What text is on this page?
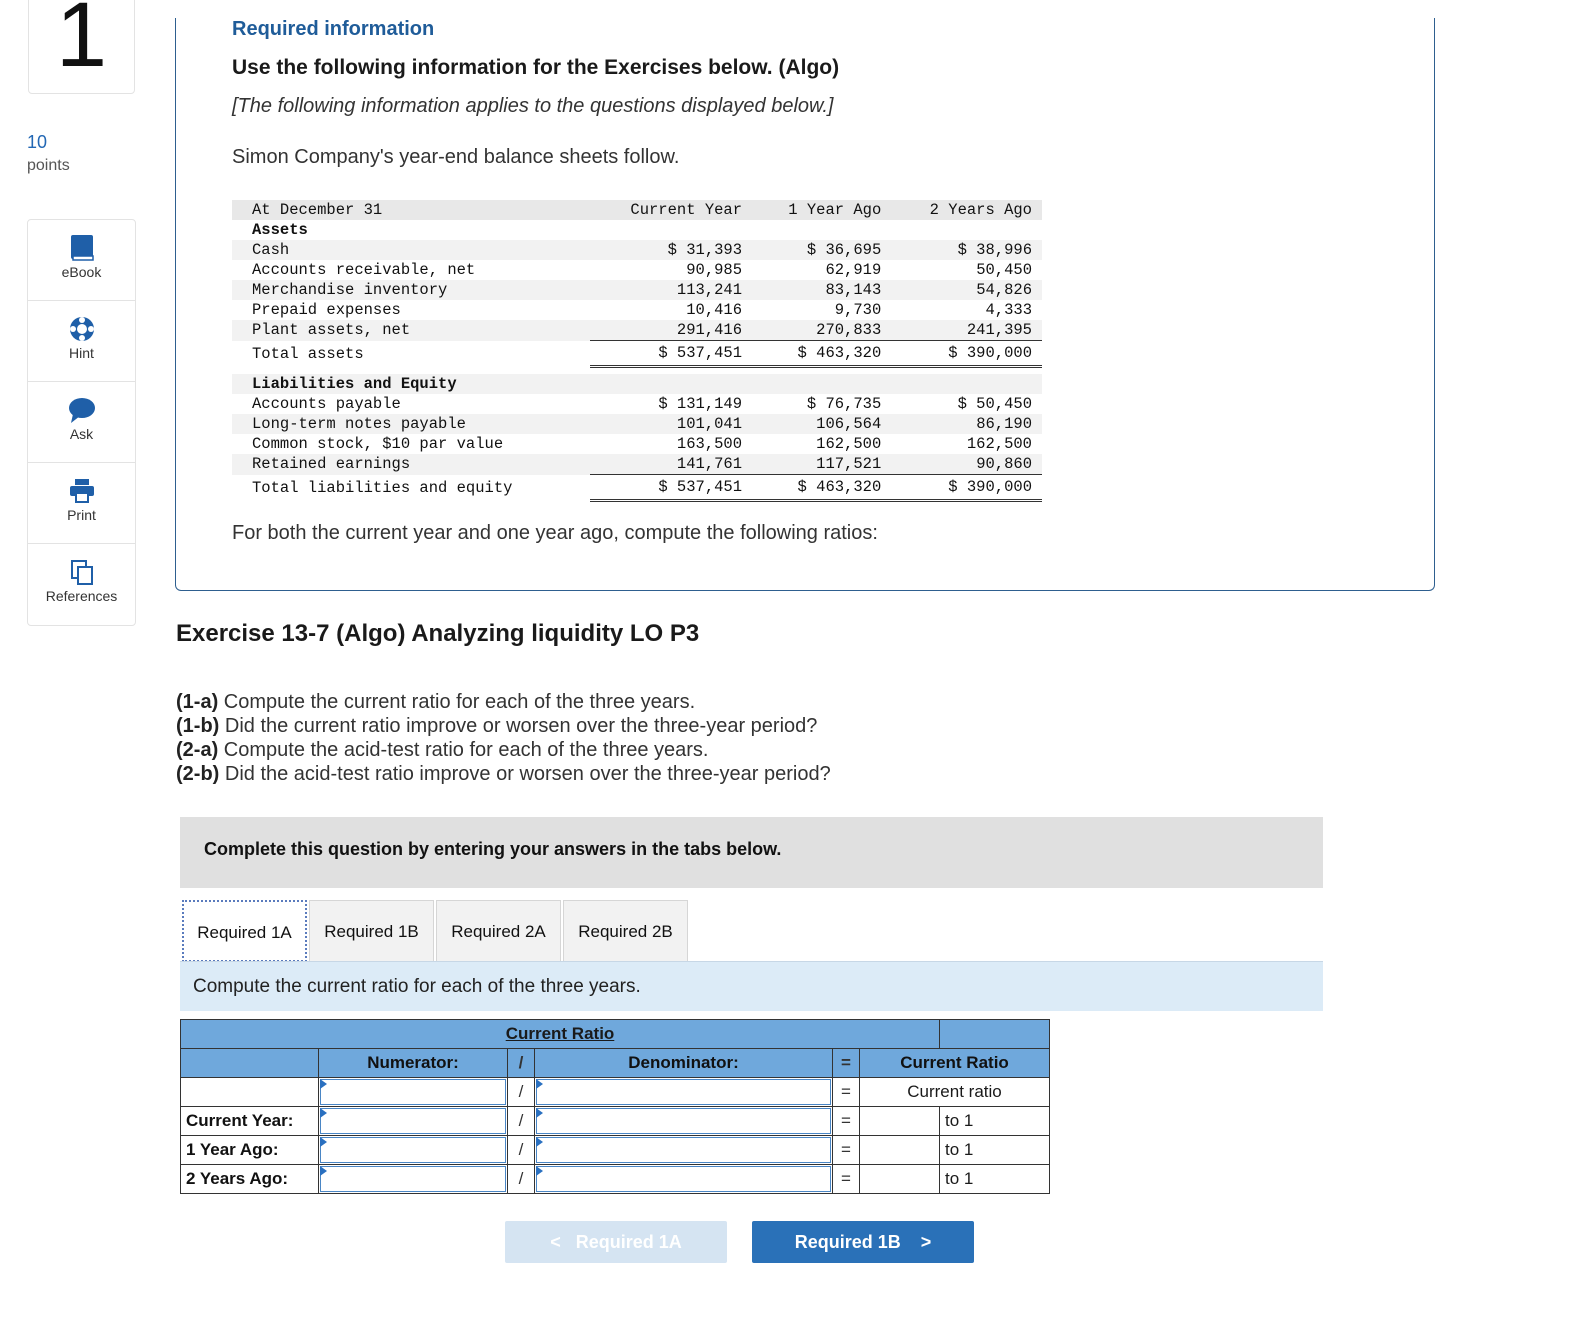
1
10
points
eBook
Hint
Ask
Print
References
Required information
Use the following information for the Exercises below. (Algo)
[The following information applies to the questions displayed below.]
Simon Company's year-end balance sheets follow.
At December 31	Current Year	1 Year Ago	2 Years Ago
Assets			
Cash	$ 31,393	$ 36,695	$ 38,996
Accounts receivable, net	90,985	62,919	50,450
Merchandise inventory	113,241	83,143	54,826
Prepaid expenses	10,416	9,730	4,333
Plant assets, net	291,416	270,833	241,395
Total assets	$ 537,451	$ 463,320	$ 390,000

Liabilities and Equity			
Accounts payable	$ 131,149	$ 76,735	$ 50,450
Long-term notes payable	101,041	106,564	86,190
Common stock, $10 par value	163,500	162,500	162,500
Retained earnings	141,761	117,521	90,860
Total liabilities and equity	$ 537,451	$ 463,320	$ 390,000
For both the current year and one year ago, compute the following ratios:
Exercise 13-7 (Algo) Analyzing liquidity LO P3
(1-a) Compute the current ratio for each of the three years.
(1-b) Did the current ratio improve or worsen over the three-year period?
(2-a) Compute the acid-test ratio for each of the three years.
(2-b) Did the acid-test ratio improve or worsen over the three-year period?
Complete this question by entering your answers in the tabs below.
Required 1A	Required 1B	Required 2A	Required 2B
Compute the current ratio for each of the three years.
Current Ratio						
	Numerator:	/	Denominator:	=	Current Ratio	

	/		=	Current ratio	
Current Year:		/		=		to 1
1 Year Ago:		/		=		to 1
2 Years Ago:		/		=		to 1
< Required 1A	Required 1B >
